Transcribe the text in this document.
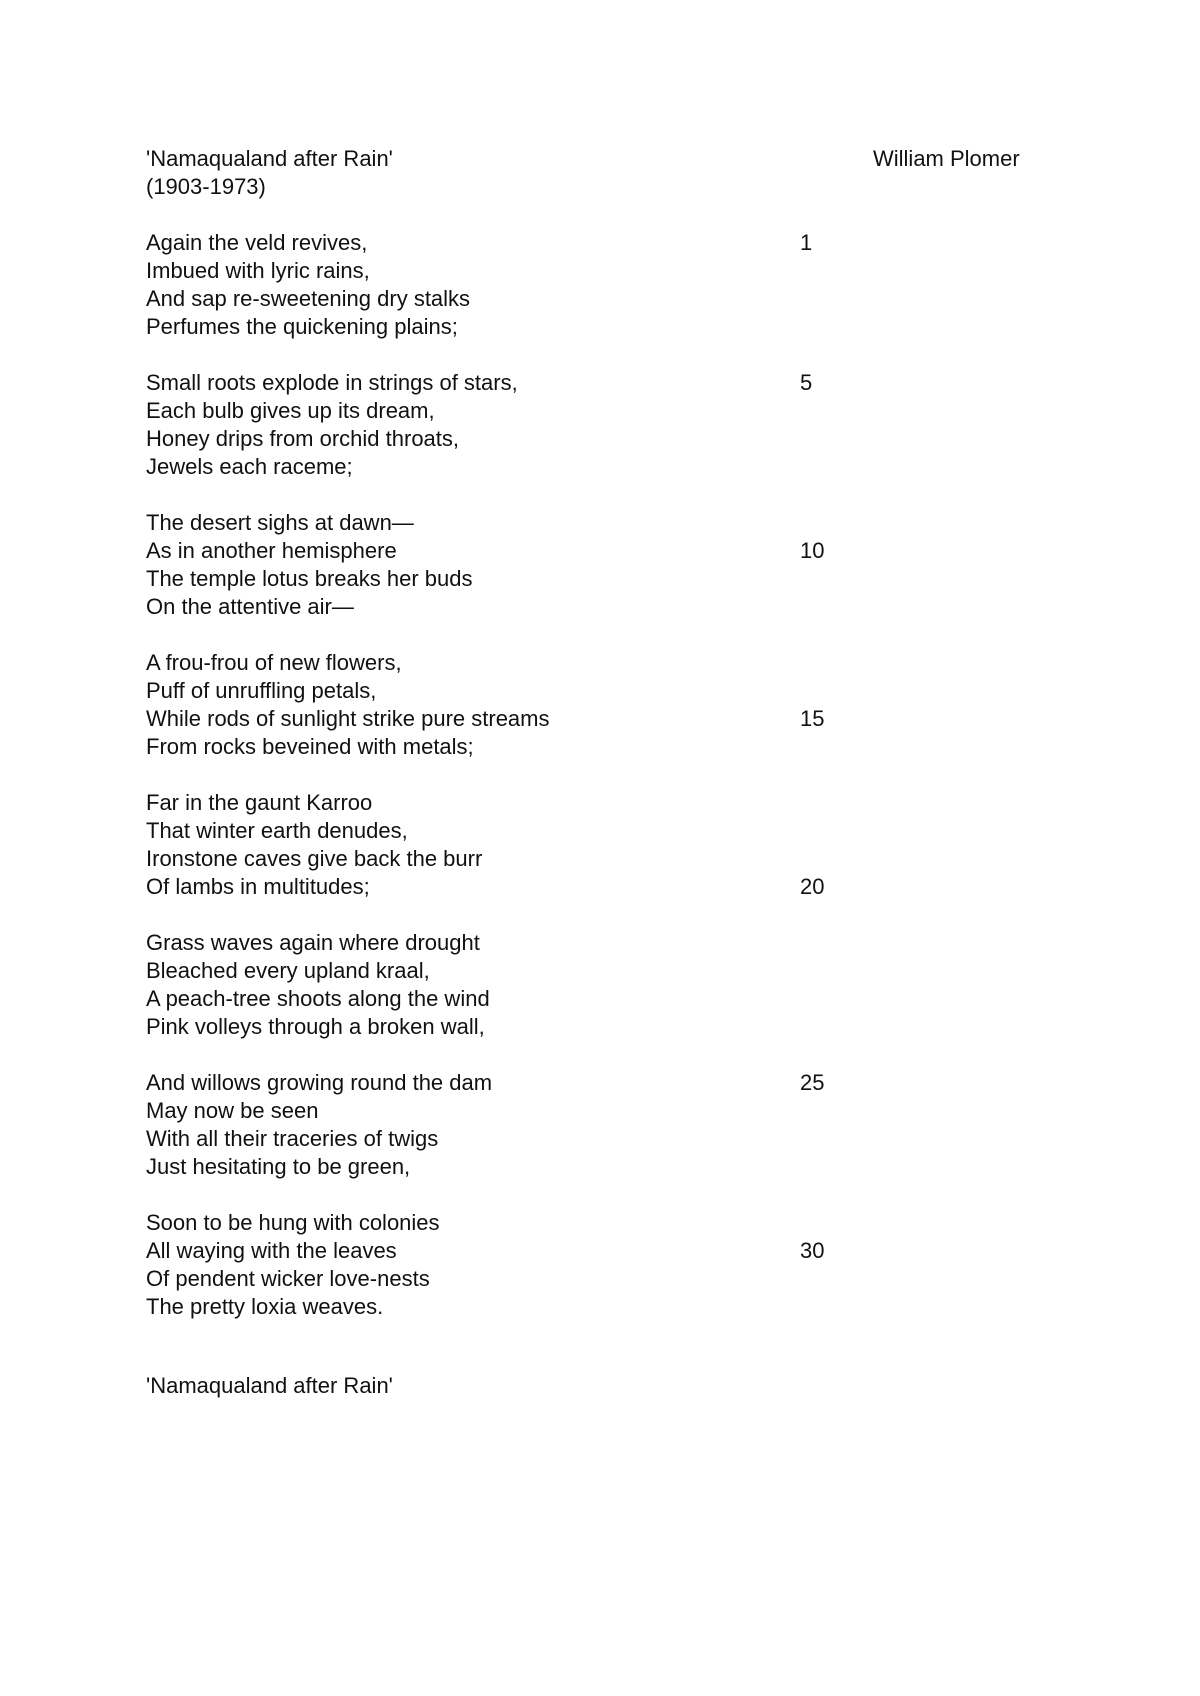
'Namaqualand after Rain'
(1903-1973)
William Plomer
Again the veld revives,
Imbued with lyric rains,
And sap re-sweetening dry stalks
Perfumes the quickening plains;
Small roots explode in strings of stars,
Each bulb gives up its dream,
Honey drips from orchid throats,
Jewels each raceme;
The desert sighs at dawn—
As in another hemisphere
The temple lotus breaks her buds
On the attentive air—
A frou-frou of new flowers,
Puff of unruffling petals,
While rods of sunlight strike pure streams
From rocks beveined with metals;
Far in the gaunt Karroo
That winter earth denudes,
Ironstone caves give back the burr
Of lambs in multitudes;
Grass waves again where drought
Bleached every upland kraal,
A peach-tree shoots along the wind
Pink volleys through a broken wall,
And willows growing round the dam
May now be seen
With all their traceries of twigs
Just hesitating to be green,
Soon to be hung with colonies
All waying with the leaves
Of pendent wicker love-nests
The pretty loxia weaves.
1
5
10
15
20
25
30
'Namaqualand after Rain'
